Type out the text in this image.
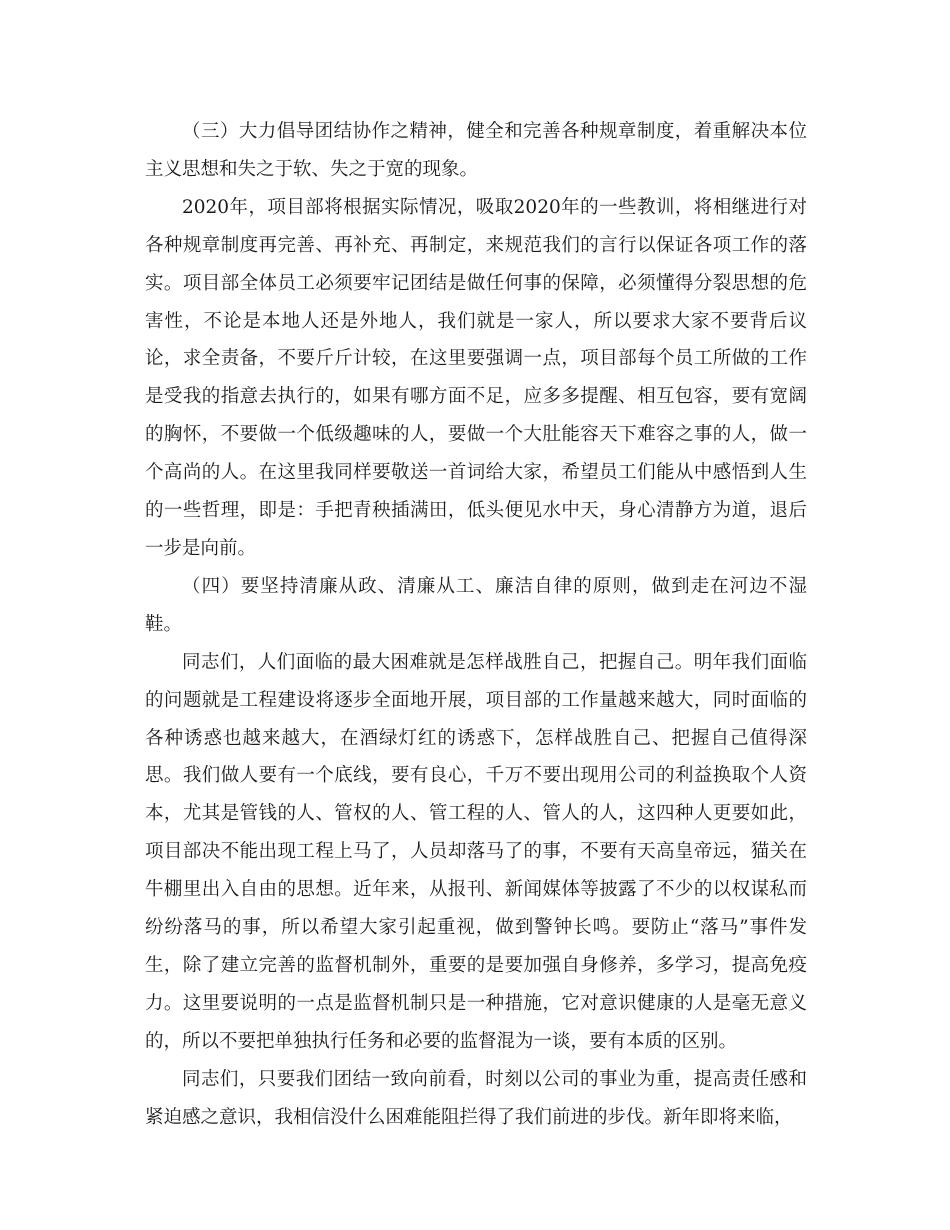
（三）大力倡导团结协作之精神，健全和完善各种规章制度，着重解决本位主义思想和失之于软、失之于宽的现象。

2020年，项目部将根据实际情况，吸取2020年的一些教训，将相继进行对各种规章制度再完善、再补充、再制定，来规范我们的言行以保证各项工作的落实。项目部全体员工必须要牢记团结是做任何事的保障，必须懂得分裂思想的危害性，不论是本地人还是外地人，我们就是一家人，所以要求大家不要背后议论，求全责备，不要斤斤计较，在这里要强调一点，项目部每个员工所做的工作是受我的指意去执行的，如果有哪方面不足，应多多提醒、相互包容，要有宽阔的胸怀，不要做一个低级趣味的人，要做一个大肚能容天下难容之事的人，做一个高尚的人。在这里我同样要敬送一首词给大家，希望员工们能从中感悟到人生的一些哲理，即是：手把青秧插满田，低头便见水中天，身心清静方为道，退后一步是向前。

（四）要坚持清廉从政、清廉从工、廉洁自律的原则，做到走在河边不湿鞋。

同志们，人们面临的最大困难就是怎样战胜自己，把握自己。明年我们面临的问题就是工程建设将逐步全面地开展，项目部的工作量越来越大，同时面临的各种诱惑也越来越大，在酒绿灯红的诱惑下，怎样战胜自己、把握自己值得深思。我们做人要有一个底线，要有良心，千万不要出现用公司的利益换取个人资本，尤其是管钱的人、管权的人、管工程的人、管人的人，这四种人更要如此，项目部决不能出现工程上马了，人员却落马了的事，不要有天高皇帝远，猫关在牛棚里出入自由的思想。近年来，从报刊、新闻媒体等披露了不少的以权谋私而纷纷落马的事，所以希望大家引起重视，做到警钟长鸣。要防止“落马”事件发生，除了建立完善的监督机制外，重要的是要加强自身修养，多学习，提高免疫力。这里要说明的一点是监督机制只是一种措施，它对意识健康的人是毫无意义的，所以不要把单独执行任务和必要的监督混为一谈，要有本质的区别。

同志们，只要我们团结一致向前看，时刻以公司的事业为重，提高责任感和紧迫感之意识，我相信没什么困难能阻拦得了我们前进的步伐。新年即将来临，
